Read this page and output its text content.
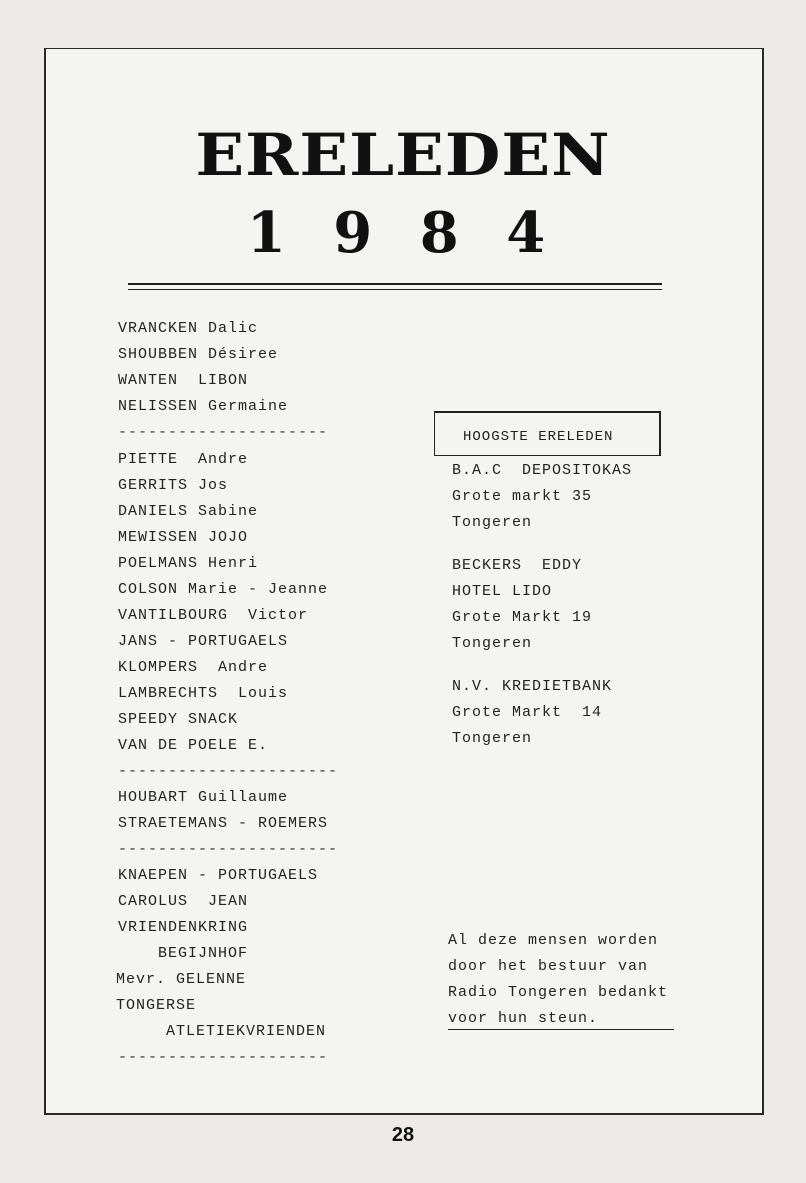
ERELEDEN
1 9 8 4
VRANCKEN Dalic
SHOUBBEN Désiree
WANTEN  LIBON
NELISSEN Germaine
---------------------
PIETTE  Andre
GERRITS Jos
DANIELS Sabine
MEWISSEN JOJO
POELMANS Henri
COLSON Marie - Jeanne
VANTILBOURG  Victor
JANS - PORTUGAELS
KLOMPERS  Andre
LAMBRECHTS  Louis
SPEEDY SNACK
VAN DE POELE E.
----------------------
HOUBART Guillaume
STRAETEMANS - ROEMERS
----------------------
KNAEPEN - PORTUGAELS
CAROLUS  JEAN
VRIENDENKRING
BEGIJNHOF
Mevr. GELENNE
TONGERSE
ATLETIEKVRIENDEN
---------------------
HOOGSTE ERELEDEN
B.A.C  DEPOSITOKAS
Grote markt 35
Tongeren
BECKERS  EDDY
HOTEL LIDO
Grote Markt 19
Tongeren
N.V. KREDIETBANK
Grote Markt  14
Tongeren
Al deze mensen worden
door het bestuur van
Radio Tongeren bedankt
voor hun steun.
28
